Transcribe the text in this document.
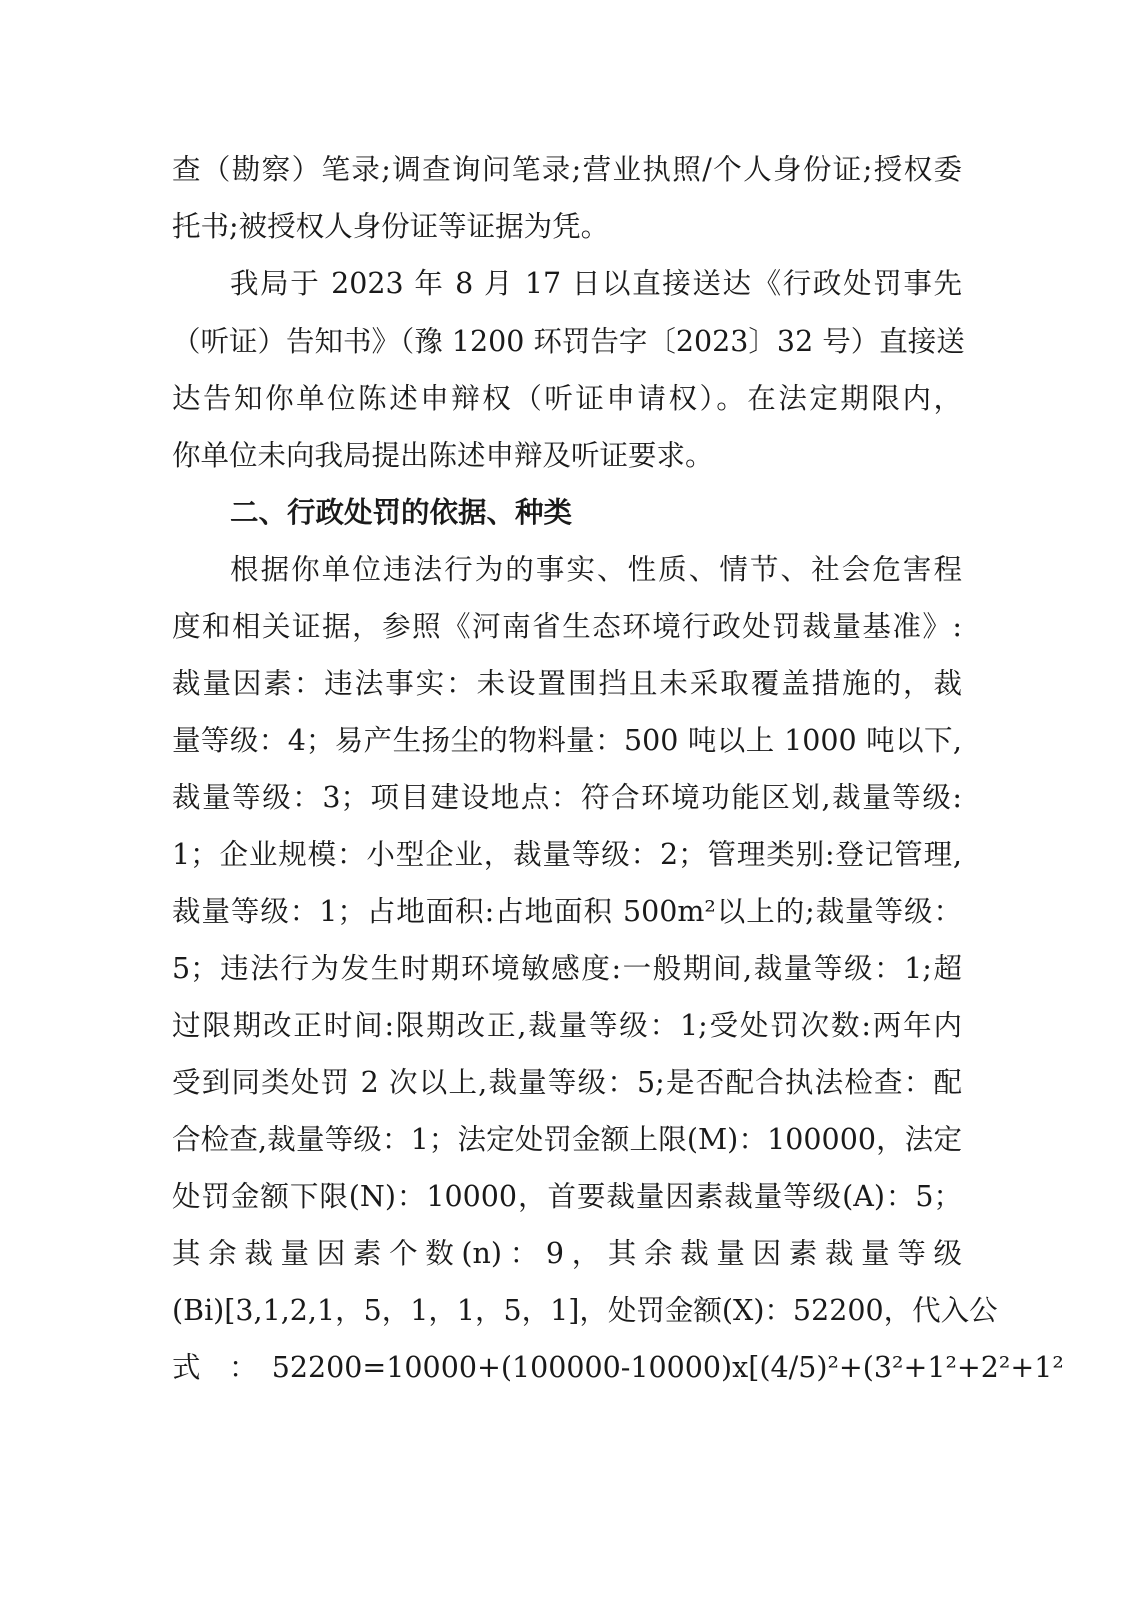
查（勘察）笔录;调查询问笔录;营业执照/个人身份证;授权委
托书;被授权人身份证等证据为凭。
我局于 2023 年 8 月 17 日以直接送达《行政处罚事先
（听证）告知书》（豫 1200 环罚告字〔2023〕32 号）直接送
达告知你单位陈述申辩权（听证申请权）。在法定期限内，
你单位未向我局提出陈述申辩及听证要求。
二、行政处罚的依据、种类
根据你单位违法行为的事实、性质、情节、社会危害程
度和相关证据，参照《河南省生态环境行政处罚裁量基准》:
裁量因素：违法事实：未设置围挡且未采取覆盖措施的，裁
量等级：4；易产生扬尘的物料量：500 吨以上 1000 吨以下,
裁量等级：3；项目建设地点：符合环境功能区划,裁量等级:
1；企业规模：小型企业，裁量等级：2；管理类别:登记管理,
裁量等级：1；占地面积:占地面积 500m²以上的;裁量等级：
5；违法行为发生时期环境敏感度:一般期间,裁量等级：1;超
过限期改正时间:限期改正,裁量等级：1;受处罚次数:两年内
受到同类处罚 2 次以上,裁量等级：5;是否配合执法检查：配
合检查,裁量等级：1；法定处罚金额上限(M)：100000，法定
处罚金额下限(N)：10000，首要裁量因素裁量等级(A)：5；
其余裁量因素个数(n)：9，其余裁量因素裁量等级
(Bi)[3,1,2,1，5，1，1，5，1]，处罚金额(X)：52200，代入公
式　：　52200=10000+(100000-10000)x[(4/5)²+(3²+1²+2²+1²
